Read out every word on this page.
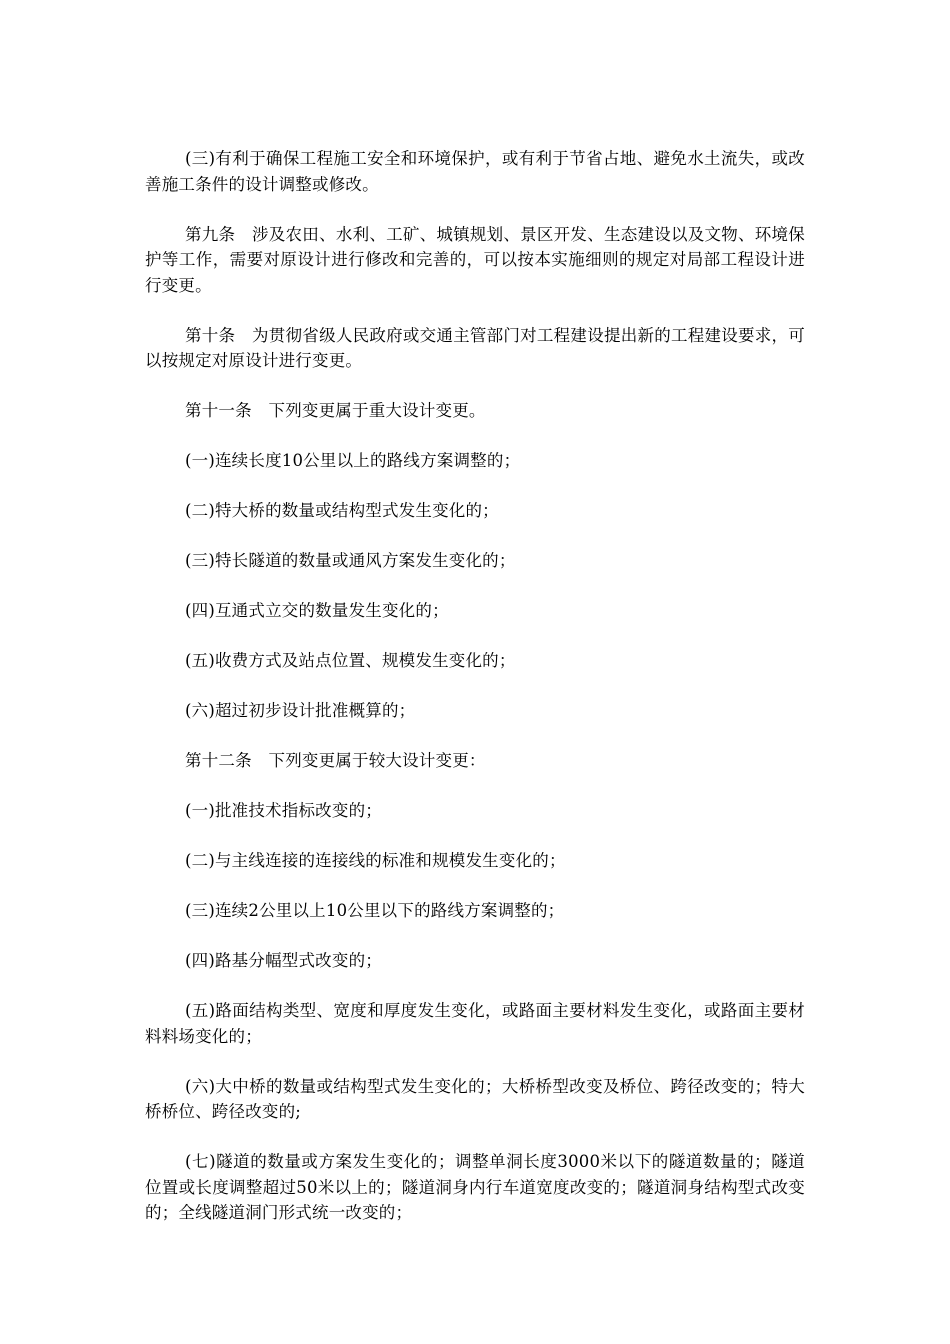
(三)有利于确保工程施工安全和环境保护，或有利于节省占地、避免水土流失，或改善施工条件的设计调整或修改。

第九条　涉及农田、水利、工矿、城镇规划、景区开发、生态建设以及文物、环境保护等工作，需要对原设计进行修改和完善的，可以按本实施细则的规定对局部工程设计进行变更。

第十条　为贯彻省级人民政府或交通主管部门对工程建设提出新的工程建设要求，可以按规定对原设计进行变更。

第十一条　下列变更属于重大设计变更。

(一)连续长度10公里以上的路线方案调整的；

(二)特大桥的数量或结构型式发生变化的；

(三)特长隧道的数量或通风方案发生变化的；

(四)互通式立交的数量发生变化的；

(五)收费方式及站点位置、规模发生变化的；

(六)超过初步设计批准概算的；

第十二条　下列变更属于较大设计变更：

(一)批准技术指标改变的；

(二)与主线连接的连接线的标准和规模发生变化的；

(三)连续2公里以上10公里以下的路线方案调整的；

(四)路基分幅型式改变的；

(五)路面结构类型、宽度和厚度发生变化，或路面主要材料发生变化，或路面主要材料料场变化的；

(六)大中桥的数量或结构型式发生变化的；大桥桥型改变及桥位、跨径改变的；特大桥桥位、跨径改变的;

(七)隧道的数量或方案发生变化的；调整单洞长度3000米以下的隧道数量的；隧道位置或长度调整超过50米以上的；隧道洞身内行车道宽度改变的；隧道洞身结构型式改变的；全线隧道洞门形式统一改变的；
